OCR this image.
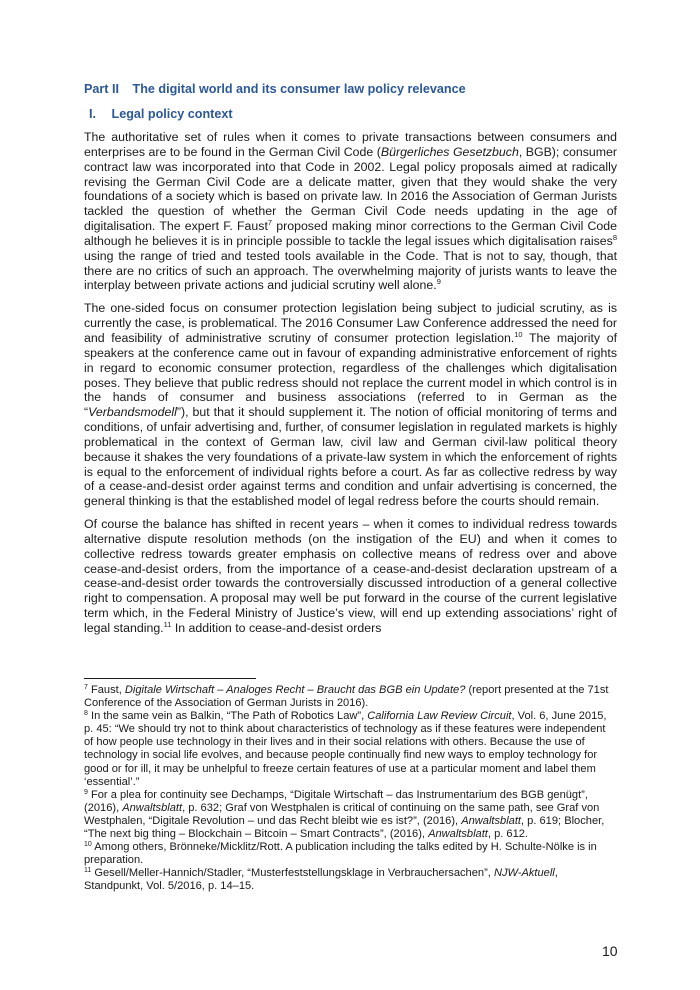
Part II The digital world and its consumer law policy relevance
I. Legal policy context

The authoritative set of rules when it comes to private transactions between consumers and enterprises are to be found in the German Civil Code (Bürgerliches Gesetzbuch, BGB); consumer contract law was incorporated into that Code in 2002. Legal policy proposals aimed at radically revising the German Civil Code are a delicate matter, given that they would shake the very foundations of a society which is based on private law. In 2016 the Association of German Jurists tackled the question of whether the German Civil Code needs updating in the age of digitalisation. The expert F. Faust$^7$ proposed making minor corrections to the German Civil Code although he believes it is in principle possible to tackle the legal issues which digitalisation raises$^8$ using the range of tried and tested tools available in the Code. That is not to say, though, that there are no critics of such an approach. The overwhelming majority of jurists wants to leave the interplay between private actions and judicial scrutiny well alone.$^9$

The one-sided focus on consumer protection legislation being subject to judicial scrutiny, as is currently the case, is problematical. The 2016 Consumer Law Conference addressed the need for and feasibility of administrative scrutiny of consumer protection legislation.$^{10}$ The majority of speakers at the conference came out in favour of expanding administrative enforcement of rights in regard to economic consumer protection, regardless of the challenges which digitalisation poses. They believe that public redress should not replace the current model in which control is in the hands of consumer and business associations (referred to in German as the “Verbandsmodell”), but that it should supplement it. The notion of official monitoring of terms and conditions, of unfair advertising and, further, of consumer legislation in regulated markets is highly problematical in the context of German law, civil law and German civil-law political theory because it shakes the very foundations of a private-law system in which the enforcement of rights is equal to the enforcement of individual rights before a court. As far as collective redress by way of a cease-and-desist order against terms and condition and unfair advertising is concerned, the general thinking is that the established model of legal redress before the courts should remain.

Of course the balance has shifted in recent years – when it comes to individual redress towards alternative dispute resolution methods (on the instigation of the EU) and when it comes to collective redress towards greater emphasis on collective means of redress over and above cease-and-desist orders, from the importance of a cease-and-desist declaration upstream of a cease-and-desist order towards the controversially discussed introduction of a general collective right to compensation. A proposal may well be put forward in the course of the current legislative term which, in the Federal Ministry of Justice’s view, will end up extending associations’ right of legal standing.$^{11}$ In addition to cease-and-desist orders

$^7$ Faust, Digitale Wirtschaft – Analoges Recht – Braucht das BGB ein Update? (report presented at the 71st Conference of the Association of German Jurists in 2016).

$^8$ In the same vein as Balkin, “The Path of Robotics Law”, California Law Review Circuit, Vol. 6, June 2015, p. 45: “We should try not to think about characteristics of technology as if these features were independent of how people use technology in their lives and in their social relations with others. Because the use of technology in social life evolves, and because people continually find new ways to employ technology for good or for ill, it may be unhelpful to freeze certain features of use at a particular moment and label them ‘essential’.”

$^9$ For a plea for continuity see Dechamps, “Digitale Wirtschaft – das Instrumentarium des BGB genügt”, (2016), Anwaltsblatt, p. 632; Graf von Westphalen is critical of continuing on the same path, see Graf von Westphalen, “Digitale Revolution – und das Recht bleibt wie es ist?”, (2016), Anwaltsblatt, p. 619; Blocher, “The next big thing – Blockchain – Bitcoin – Smart Contracts”, (2016), Anwaltsblatt, p. 612.

$^{10}$ Among others, Brönneke/Micklitz/Rott. A publication including the talks edited by H. Schulte-Nölke is in preparation.

$^{11}$ Gesell/Meller-Hannich/Stadler, “Musterfeststellungsklage in Verbrauchersachen”, NJW-Aktuell, Standpunkt, Vol. 5/2016, p. 14–15.

10
